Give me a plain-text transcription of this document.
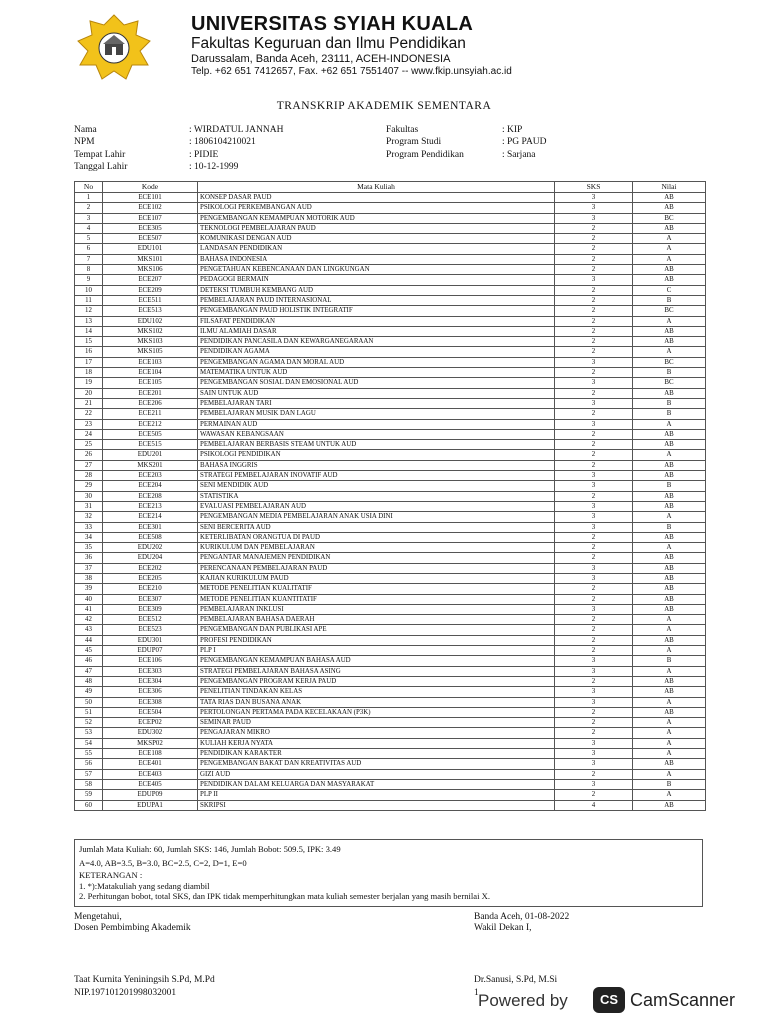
UNIVERSITAS SYIAH KUALA
Fakultas Keguruan dan Ilmu Pendidikan
Darussalam, Banda Aceh, 23111, ACEH-INDONESIA
Telp. +62 651 7412657, Fax. +62 651 7551407 -- www.fkip.unsyiah.ac.id
TRANSKRIP AKADEMIK SEMENTARA
Nama	: WIRDATUL JANNAH
NPM	: 1806104210021
Tempat Lahir	: PIDIE
Tanggal Lahir	: 10-12-1999
Fakultas	: KIP
Program Studi	: PG PAUD
Program Pendidikan	: Sarjana
No	Kode	Mata Kuliah	SKS	Nilai
1	ECE101	KONSEP DASAR PAUD	3	AB
2	ECE102	PSIKOLOGI PERKEMBANGAN AUD	3	AB
3	ECE107	PENGEMBANGAN KEMAMPUAN MOTORIK AUD	3	BC
4	ECE305	TEKNOLOGI PEMBELAJARAN PAUD	2	AB
5	ECE507	KOMUNIKASI DENGAN AUD	2	A
6	EDU101	LANDASAN PENDIDIKAN	2	A
7	MKS101	BAHASA INDONESIA	2	A
8	MKS106	PENGETAHUAN KEBENCANAAN DAN LINGKUNGAN	2	AB
9	ECE207	PEDAGOGI BERMAIN	3	AB
10	ECE209	DETEKSI TUMBUH KEMBANG AUD	2	C
11	ECE511	PEMBELAJARAN PAUD INTERNASIONAL	2	B
12	ECE513	PENGEMBANGAN PAUD HOLISTIK INTEGRATIF	2	BC
13	EDU102	FILSAFAT PENDIDIKAN	2	A
14	MKS102	ILMU ALAMIAH DASAR	2	AB
15	MKS103	PENDIDIKAN PANCASILA DAN KEWARGANEGARAAN	2	AB
16	MKS105	PENDIDIKAN AGAMA	2	A
17	ECE103	PENGEMBANGAN AGAMA DAN MORAL AUD	3	BC
18	ECE104	MATEMATIKA UNTUK AUD	2	B
19	ECE105	PENGEMBANGAN SOSIAL DAN EMOSIONAL AUD	3	BC
20	ECE201	SAIN UNTUK AUD	2	AB
21	ECE206	PEMBELAJARAN TARI	3	B
22	ECE211	PEMBELAJARAN MUSIK DAN LAGU	2	B
23	ECE212	PERMAINAN AUD	3	A
24	ECE505	WAWASAN KEBANGSAAN	2	AB
25	ECE515	PEMBELAJARAN BERBASIS STEAM UNTUK AUD	2	AB
26	EDU201	PSIKOLOGI PENDIDIKAN	2	A
27	MKS201	BAHASA INGGRIS	2	AB
28	ECE203	STRATEGI PEMBELAJARAN INOVATIF AUD	3	AB
29	ECE204	SENI MENDIDIK AUD	3	B
30	ECE208	STATISTIKA	2	AB
31	ECE213	EVALUASI PEMBELAJARAN AUD	3	AB
32	ECE214	PENGEMBANGAN MEDIA PEMBELAJARAN ANAK USIA DINI	3	A
33	ECE301	SENI BERCERITA AUD	3	B
34	ECE508	KETERLIBATAN ORANGTUA DI PAUD	2	AB
35	EDU202	KURIKULUM DAN PEMBELAJARAN	2	A
36	EDU204	PENGANTAR MANAJEMEN PENDIDIKAN	2	AB
37	ECE202	PERENCANAAN PEMBELAJARAN PAUD	3	AB
38	ECE205	KAJIAN KURIKULUM PAUD	3	AB
39	ECE210	METODE PENELITIAN KUALITATIF	2	AB
40	ECE307	METODE PENELITIAN KUANTITATIF	2	AB
41	ECE309	PEMBELAJARAN INKLUSI	3	AB
42	ECE512	PEMBELAJARAN BAHASA DAERAH	2	A
43	ECE523	PENGEMBANGAN DAN PUBLIKASI APE	2	A
44	EDU301	PROFESI PENDIDIKAN	2	AB
45	EDUP07	PLP I	2	A
46	ECE106	PENGEMBANGAN KEMAMPUAN BAHASA AUD	3	B
47	ECE303	STRATEGI PEMBELAJARAN BAHASA ASING	3	A
48	ECE304	PENGEMBANGAN PROGRAM KERJA PAUD	2	AB
49	ECE306	PENELITIAN TINDAKAN KELAS	3	AB
50	ECE308	TATA RIAS DAN BUSANA ANAK	3	A
51	ECE504	PERTOLONGAN PERTAMA PADA KECELAKAAN (P3K)	2	AB
52	ECEP02	SEMINAR PAUD	2	A
53	EDU302	PENGAJARAN MIKRO	2	A
54	MKSP02	KULIAH KERJA NYATA	3	A
55	ECE108	PENDIDIKAN KARAKTER	3	A
56	ECE401	PENGEMBANGAN BAKAT DAN KREATIVITAS AUD	3	AB
57	ECE403	GIZI AUD	2	A
58	ECE405	PENDIDIKAN DALAM KELUARGA DAN MASYARAKAT	3	B
59	EDUP09	PLP II	2	A
60	EDUPA1	SKRIPSI	4	AB
Jumlah Mata Kuliah: 60, Jumlah SKS: 146, Jumlah Bobot: 509.5, IPK: 3.49
A=4.0, AB=3.5, B=3.0, BC=2.5, C=2, D=1, E=0
KETERANGAN :
1. *):Matakuliah yang sedang diambil
2. Perhitungan bobot, total SKS, dan IPK tidak memperhitungkan mata kuliah semester berjalan yang masih bernilai X.
Mengetahui,
Dosen Pembimbing Akademik
Taat Kurnita Yeniningsih S.Pd, M.Pd
NIP.197101201998032001
Banda Aceh, 01-08-2022
Wakil Dekan I,
Dr.Sanusi, S.Pd, M.Si
1 Powered by	CS CamScanner
